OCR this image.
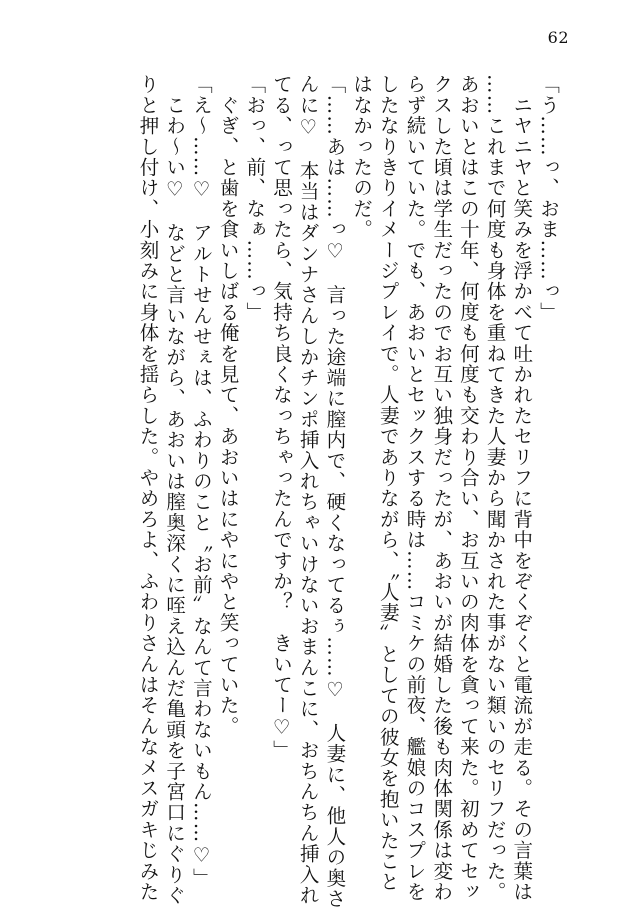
62
「う……っ、おま……っ」
　ニヤニヤと笑みを浮かべて吐かれたセリフに背中をぞくぞくと電流が走る。その言葉は
……これまで何度も身体を重ねてきた人妻から聞かされた事がない類いのセリフだった。
あおいとはこの十年、何度も何度も交わり合い、お互いの肉体を貪って来た。初めてセッ
クスした頃は学生だったのでお互い独身だったが、あおいが結婚した後も肉体関係は変わ
らず続いていた。でも、あおいとセックスする時は……コミケの前夜、艦娘のコスプレを
したなりきりイメージプレイで。人妻でありながら、〝人妻〟としての彼女を抱いたこと
はなかったのだ。
「……あは……っ♡　言った途端に膣内で、硬くなってるぅ……♡　人妻に、他人の奥さ
んに♡　本当はダンナさんしかチンポ挿入れちゃいけないおまんこに、おちんちん挿入れ
てる、って思ったら、気持ち良くなっちゃったんですか？　きいてー♡」
「おっ、前、なぁ……っ」
　ぐぎ、と歯を食いしばる俺を見て、あおいはにやにやと笑っていた。
「え～……♡　アルトせんせぇは、ふわりのこと〝お前〟なんて言わないもん……♡」
　こわ～い♡　などと言いながら、あおいは膣奥深くに咥え込んだ亀頭を子宮口にぐりぐ
りと押し付け、小刻みに身体を揺らした。やめろよ、ふわりさんはそんなメスガキじみた
